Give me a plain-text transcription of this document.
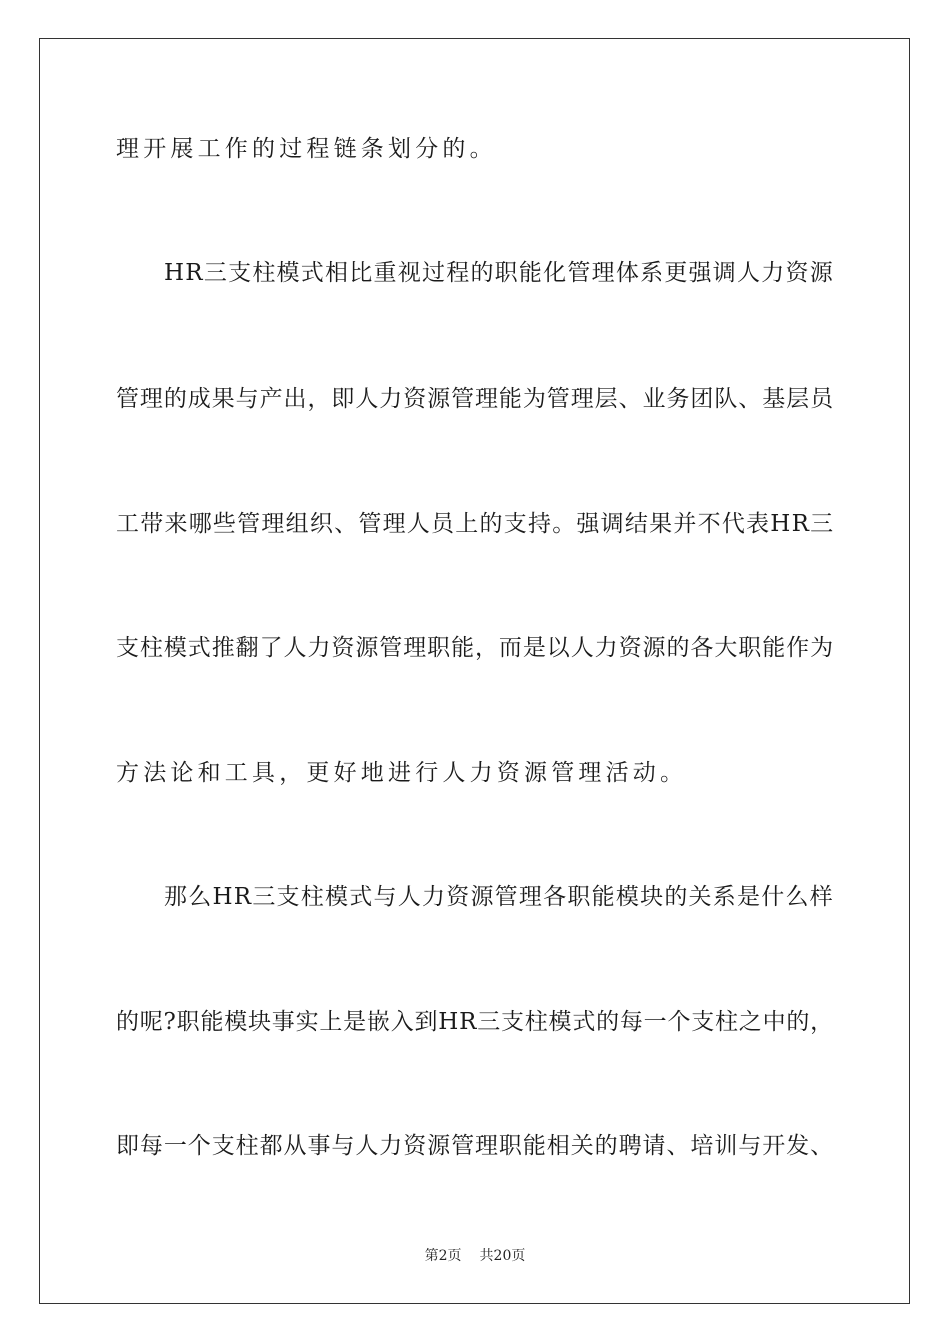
理开展工作的过程链条划分的。
HR三支柱模式相比重视过程的职能化管理体系更强调人力资源
管理的成果与产出，即人力资源管理能为管理层、业务团队、基层员
工带来哪些管理组织、管理人员上的支持。强调结果并不代表HR三
支柱模式推翻了人力资源管理职能，而是以人力资源的各大职能作为
方法论和工具，更好地进行人力资源管理活动。
那么HR三支柱模式与人力资源管理各职能模块的关系是什么样
的呢?职能模块事实上是嵌入到HR三支柱模式的每一个支柱之中的，
即每一个支柱都从事与人力资源管理职能相关的聘请、培训与开发、
第2页 共20页
